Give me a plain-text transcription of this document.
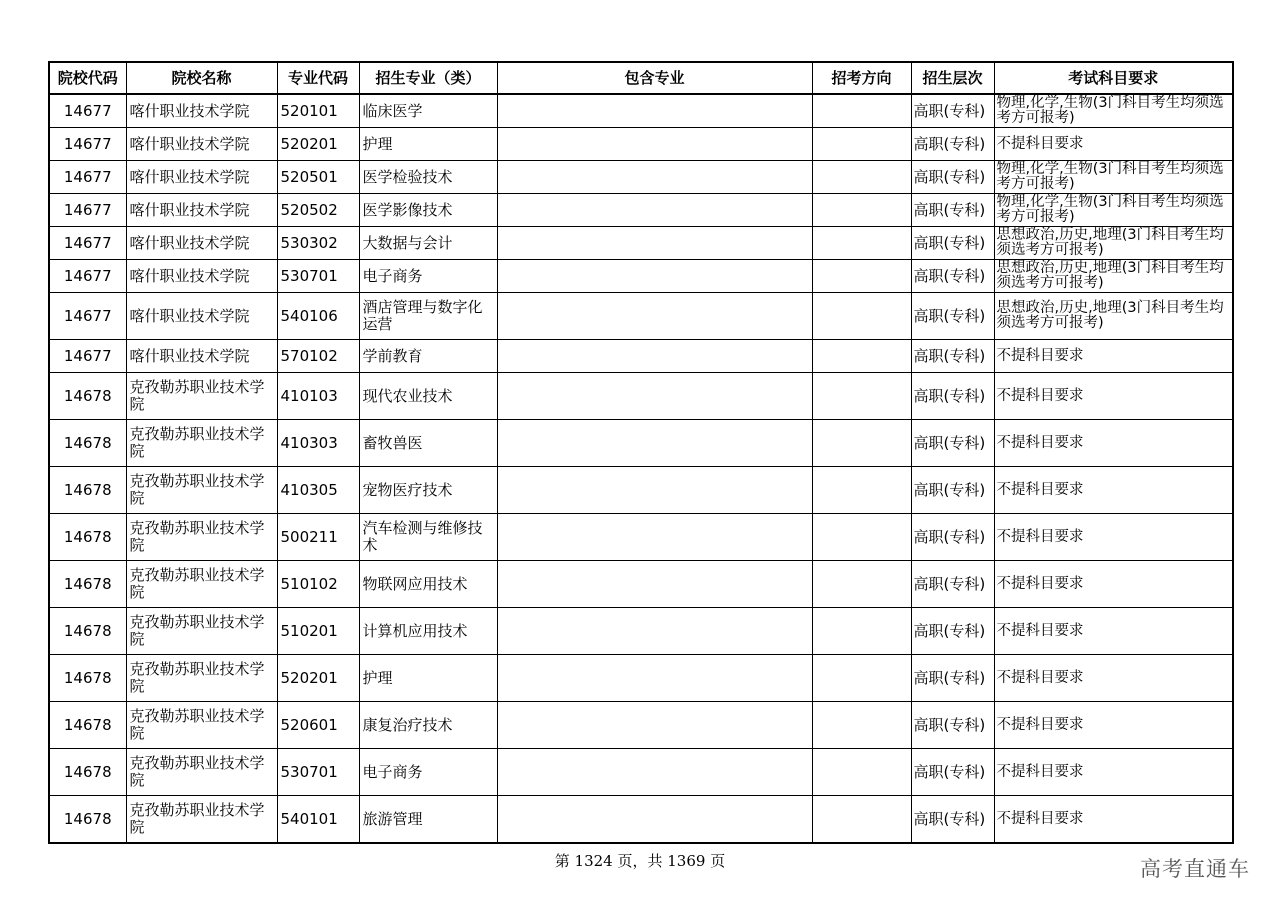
院校代码	院校名称	专业代码	招生专业（类）	包含专业	招考方向	招生层次	考试科目要求
14677	喀什职业技术学院	520101	临床医学			高职(专科)	物理,化学,生物(3门科目考生均须选考方可报考)
14677	喀什职业技术学院	520201	护理			高职(专科)	不提科目要求
14677	喀什职业技术学院	520501	医学检验技术			高职(专科)	物理,化学,生物(3门科目考生均须选考方可报考)
14677	喀什职业技术学院	520502	医学影像技术			高职(专科)	物理,化学,生物(3门科目考生均须选考方可报考)
14677	喀什职业技术学院	530302	大数据与会计			高职(专科)	思想政治,历史,地理(3门科目考生均须选考方可报考)
14677	喀什职业技术学院	530701	电子商务			高职(专科)	思想政治,历史,地理(3门科目考生均须选考方可报考)
14677	喀什职业技术学院	540106	酒店管理与数字化运营			高职(专科)	思想政治,历史,地理(3门科目考生均须选考方可报考)
14677	喀什职业技术学院	570102	学前教育			高职(专科)	不提科目要求
14678	克孜勒苏职业技术学院	410103	现代农业技术			高职(专科)	不提科目要求
14678	克孜勒苏职业技术学院	410303	畜牧兽医			高职(专科)	不提科目要求
14678	克孜勒苏职业技术学院	410305	宠物医疗技术			高职(专科)	不提科目要求
14678	克孜勒苏职业技术学院	500211	汽车检测与维修技术			高职(专科)	不提科目要求
14678	克孜勒苏职业技术学院	510102	物联网应用技术			高职(专科)	不提科目要求
14678	克孜勒苏职业技术学院	510201	计算机应用技术			高职(专科)	不提科目要求
14678	克孜勒苏职业技术学院	520201	护理			高职(专科)	不提科目要求
14678	克孜勒苏职业技术学院	520601	康复治疗技术			高职(专科)	不提科目要求
14678	克孜勒苏职业技术学院	530701	电子商务			高职(专科)	不提科目要求
14678	克孜勒苏职业技术学院	540101	旅游管理			高职(专科)	不提科目要求
第 1324 页，共 1369 页	高考直通车
